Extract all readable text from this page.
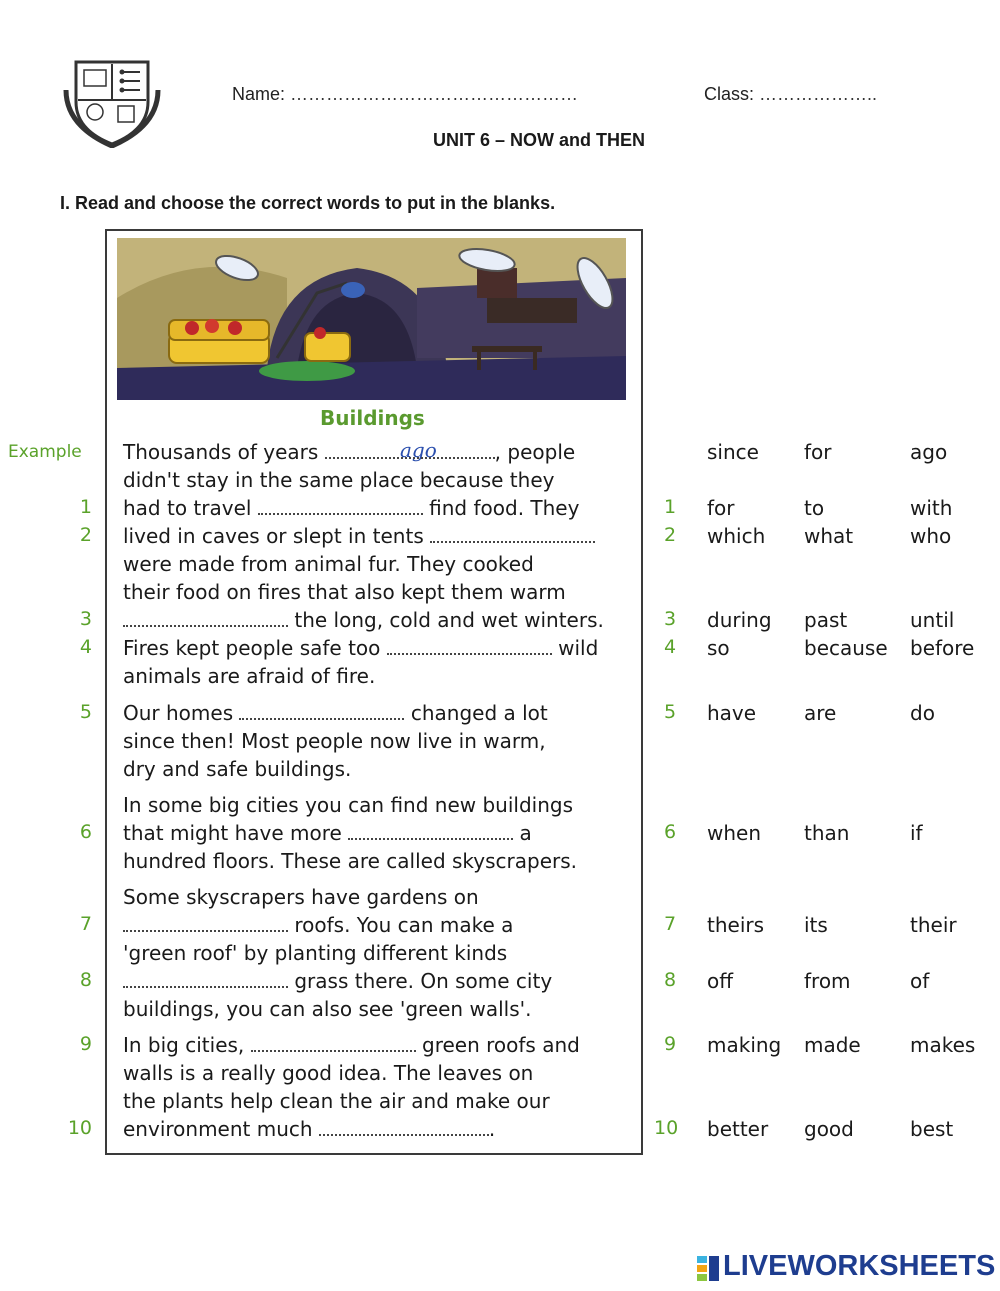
Name: …………………………………………	Class: ………………..
UNIT 6 – NOW and THEN
I. Read and choose the correct words to put in the blanks.
Buildings
Example	ago
Thousands of years	, people
didn't stay in the same place because they
1 had to travel	find food. They
2 lived in caves or slept in tents
were made from animal fur. They cooked
their food on fires that also kept them warm
3	the long, cold and wet winters.
4 Fires kept people safe too	wild
animals are afraid of fire.
5 Our homes	changed a lot
since then! Most people now live in warm,
dry and safe buildings.
In some big cities you can find new buildings
6 that might have more	a
hundred floors. These are called skyscrapers.
Some skyscrapers have gardens on
7	roofs. You can make a
'green roof' by planting different kinds
8	grass there. On some city
buildings, you can also see 'green walls'.
9 In big cities,	green roofs and
walls is a really good idea. The leaves on
the plants help clean the air and make our
10 environment much	.
since for	ago
1 for	to	with
2 which what	who
3 during past	until
4 so	because before
5 have are	do
6 when than	if
7 theirs its	their
8 off	from	of
9 making made makes
10 better good	best
LIVEWORKSHEETS
